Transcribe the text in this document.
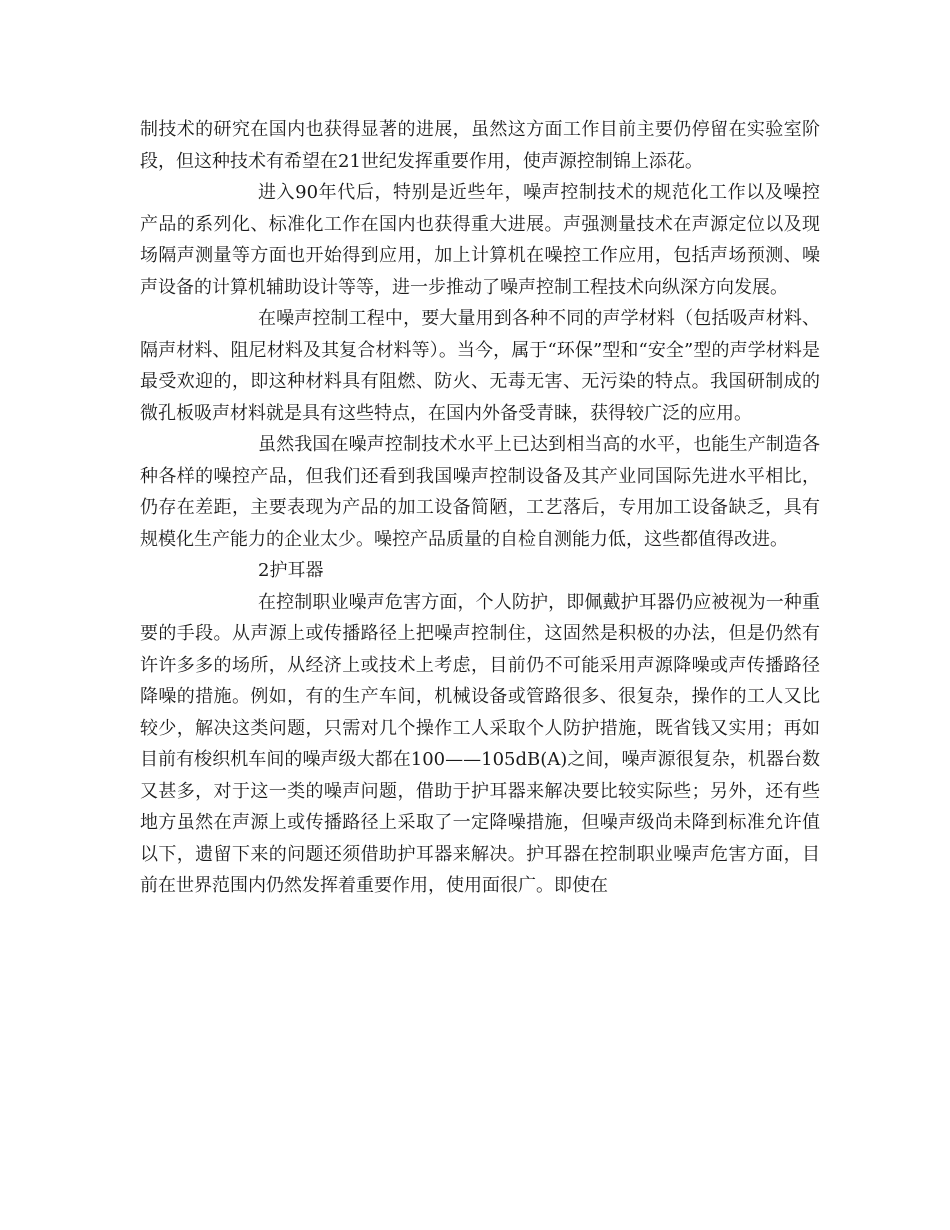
制技术的研究在国内也获得显著的进展，虽然这方面工作目前主要仍停留在实验室阶段，但这种技术有希望在21世纪发挥重要作用，使声源控制锦上添花。

进入90年代后，特别是近些年，噪声控制技术的规范化工作以及噪控产品的系列化、标准化工作在国内也获得重大进展。声强测量技术在声源定位以及现场隔声测量等方面也开始得到应用，加上计算机在噪控工作应用，包括声场预测、噪声设备的计算机辅助设计等等，进一步推动了噪声控制工程技术向纵深方向发展。

在噪声控制工程中，要大量用到各种不同的声学材料（包括吸声材料、隔声材料、阻尼材料及其复合材料等）。当今，属于“环保”型和“安全”型的声学材料是最受欢迎的，即这种材料具有阻燃、防火、无毒无害、无污染的特点。我国研制成的微孔板吸声材料就是具有这些特点，在国内外备受青睐，获得较广泛的应用。

虽然我国在噪声控制技术水平上已达到相当高的水平，也能生产制造各种各样的噪控产品，但我们还看到我国噪声控制设备及其产业同国际先进水平相比，仍存在差距，主要表现为产品的加工设备简陋，工艺落后，专用加工设备缺乏，具有规模化生产能力的企业太少。噪控产品质量的自检自测能力低，这些都值得改进。

2护耳器

在控制职业噪声危害方面，个人防护，即佩戴护耳器仍应被视为一种重要的手段。从声源上或传播路径上把噪声控制住，这固然是积极的办法，但是仍然有许许多多的场所，从经济上或技术上考虑，目前仍不可能采用声源降噪或声传播路径降噪的措施。例如，有的生产车间，机械设备或管路很多、很复杂，操作的工人又比较少，解决这类问题，只需对几个操作工人采取个人防护措施，既省钱又实用；再如目前有梭织机车间的噪声级大都在100——105dB(A)之间，噪声源很复杂，机器台数又甚多，对于这一类的噪声问题，借助于护耳器来解决要比较实际些；另外，还有些地方虽然在声源上或传播路径上采取了一定降噪措施，但噪声级尚未降到标准允许值以下，遗留下来的问题还须借助护耳器来解决。护耳器在控制职业噪声危害方面，目前在世界范围内仍然发挥着重要作用，使用面很广。即使在
